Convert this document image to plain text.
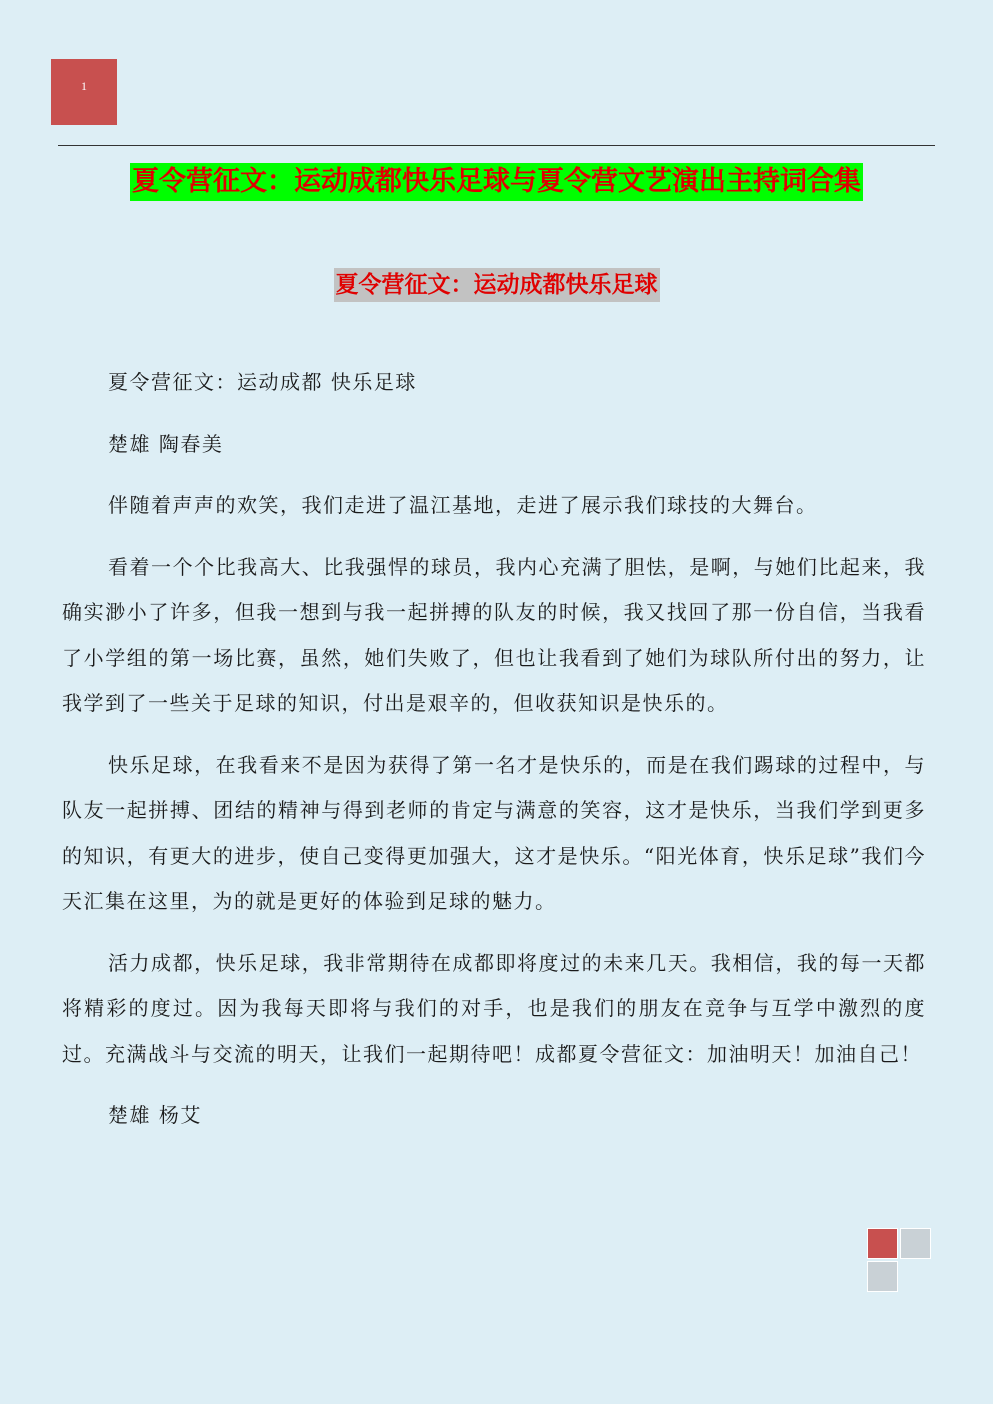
1
夏令营征文：运动成都快乐足球与夏令营文艺演出主持词合集
夏令营征文：运动成都快乐足球

夏令营征文：运动成都 快乐足球

楚雄 陶春美

伴随着声声的欢笑，我们走进了温江基地，走进了展示我们球技的大舞台。

看着一个个比我高大、比我强悍的球员，我内心充满了胆怯，是啊，与她们比起来，我确实渺小了许多，但我一想到与我一起拼搏的队友的时候，我又找回了那一份自信，当我看了小学组的第一场比赛，虽然，她们失败了，但也让我看到了她们为球队所付出的努力，让我学到了一些关于足球的知识，付出是艰辛的，但收获知识是快乐的。

快乐足球，在我看来不是因为获得了第一名才是快乐的，而是在我们踢球的过程中，与队友一起拼搏、团结的精神与得到老师的肯定与满意的笑容，这才是快乐，当我们学到更多的知识，有更大的进步，使自己变得更加强大，这才是快乐。“阳光体育，快乐足球”我们今天汇集在这里，为的就是更好的体验到足球的魅力。

活力成都，快乐足球，我非常期待在成都即将度过的未来几天。我相信，我的每一天都将精彩的度过。因为我每天即将与我们的对手，也是我们的朋友在竞争与互学中激烈的度过。充满战斗与交流的明天，让我们一起期待吧！成都夏令营征文：加油明天！加油自己！

楚雄 杨艾
